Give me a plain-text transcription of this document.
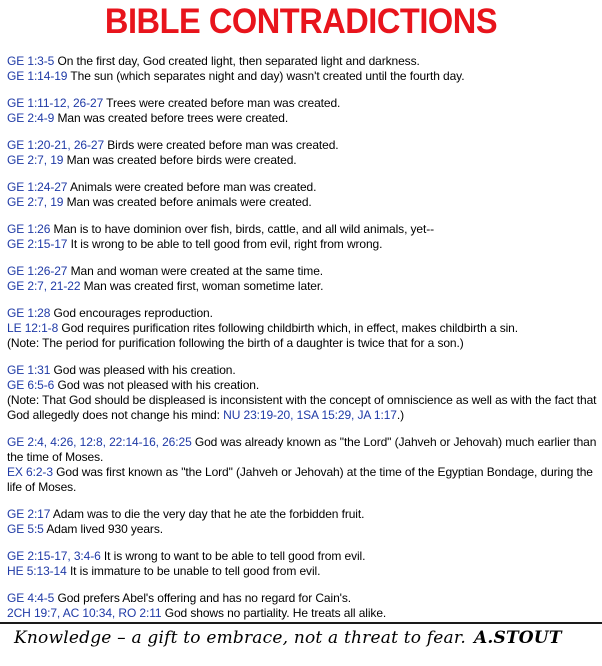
BIBLE CONTRADICTIONS
GE 1:3-5 On the first day, God created light, then separated light and darkness.
GE 1:14-19 The sun (which separates night and day) wasn't created until the fourth day.
GE 1:11-12, 26-27 Trees were created before man was created.
GE 2:4-9 Man was created before trees were created.
GE 1:20-21, 26-27 Birds were created before man was created.
GE 2:7, 19 Man was created before birds were created.
GE 1:24-27 Animals were created before man was created.
GE 2:7, 19 Man was created before animals were created.
GE 1:26 Man is to have dominion over fish, birds, cattle, and all wild animals, yet--
GE 2:15-17 It is wrong to be able to tell good from evil, right from wrong.
GE 1:26-27 Man and woman were created at the same time.
GE 2:7, 21-22 Man was created first, woman sometime later.
GE 1:28 God encourages reproduction.
LE 12:1-8 God requires purification rites following childbirth which, in effect, makes childbirth a sin.
(Note: The period for purification following the birth of a daughter is twice that for a son.)
GE 1:31 God was pleased with his creation.
GE 6:5-6 God was not pleased with his creation.
(Note: That God should be displeased is inconsistent with the concept of omniscience as well as with the fact that God allegedly does not change his mind: NU 23:19-20, 1SA 15:29, JA 1:17.)
GE 2:4, 4:26, 12:8, 22:14-16, 26:25 God was already known as "the Lord" (Jahveh or Jehovah) much earlier than the time of Moses.
EX 6:2-3 God was first known as "the Lord" (Jahveh or Jehovah) at the time of the Egyptian Bondage, during the life of Moses.
GE 2:17 Adam was to die the very day that he ate the forbidden fruit.
GE 5:5 Adam lived 930 years.
GE 2:15-17, 3:4-6 It is wrong to want to be able to tell good from evil.
HE 5:13-14 It is immature to be unable to tell good from evil.
GE 4:4-5 God prefers Abel's offering and has no regard for Cain's.
2CH 19:7, AC 10:34, RO 2:11 God shows no partiality. He treats all alike.
Knowledge – a gift to embrace, not a threat to fear. A.STOUT
